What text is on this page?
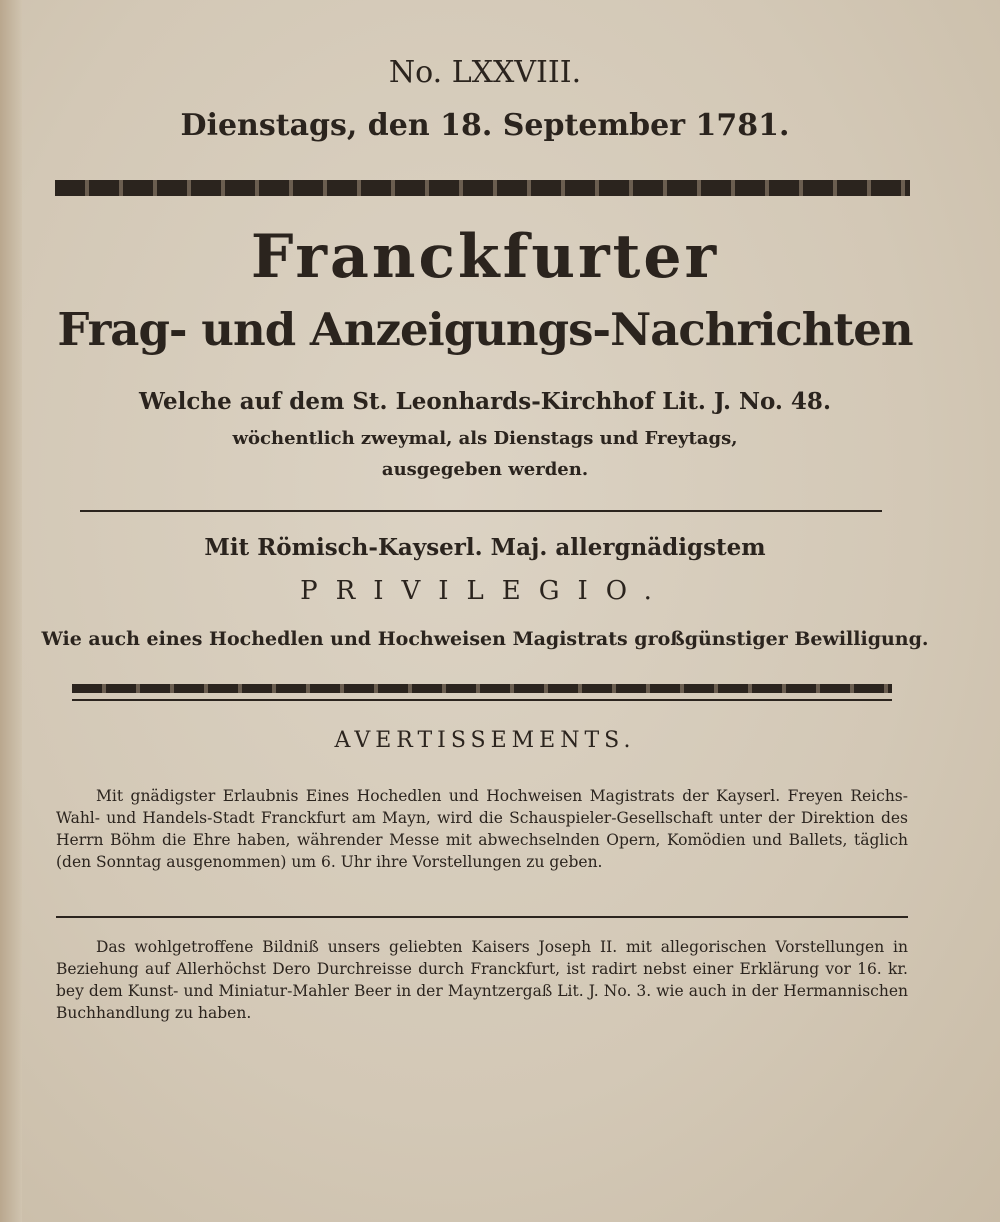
No. LXXVIII.
Dienstags, den 18. September 1781.
Franckfurter
Frag- und Anzeigungs-Nachrichten
Welche auf dem St. Leonhards-Kirchhof Lit. J. No. 48.
wöchentlich zweymal, als Dienstags und Freytags,
ausgegeben werden.
Mit Römisch-Kayserl. Maj. allergnädigstem
PRIVILEGIO.
Wie auch eines Hochedlen und Hochweisen Magistrats großgünstiger Bewilligung.
AVERTISSEMENTS.

Mit gnädigster Erlaubnis Eines Hochedlen und Hochweisen Magistrats der Kayserl. Freyen Reichs-Wahl- und Handels-Stadt Franckfurt am Mayn, wird die Schauspieler-Gesellschaft unter der Direktion des Herrn Böhm die Ehre haben, währender Messe mit abwechselnden Opern, Komödien und Ballets, täglich (den Sonntag ausgenommen) um 6. Uhr ihre Vorstellungen zu geben.

Das wohlgetroffene Bildniß unsers geliebten Kaisers Joseph II. mit allegorischen Vorstellungen in Beziehung auf Allerhöchst Dero Durchreisse durch Franckfurt, ist radirt nebst einer Erklärung vor 16. kr. bey dem Kunst- und Miniatur-Mahler Beer in der Mayntzergaß Lit. J. No. 3. wie auch in der Hermannischen Buchhandlung zu haben.
